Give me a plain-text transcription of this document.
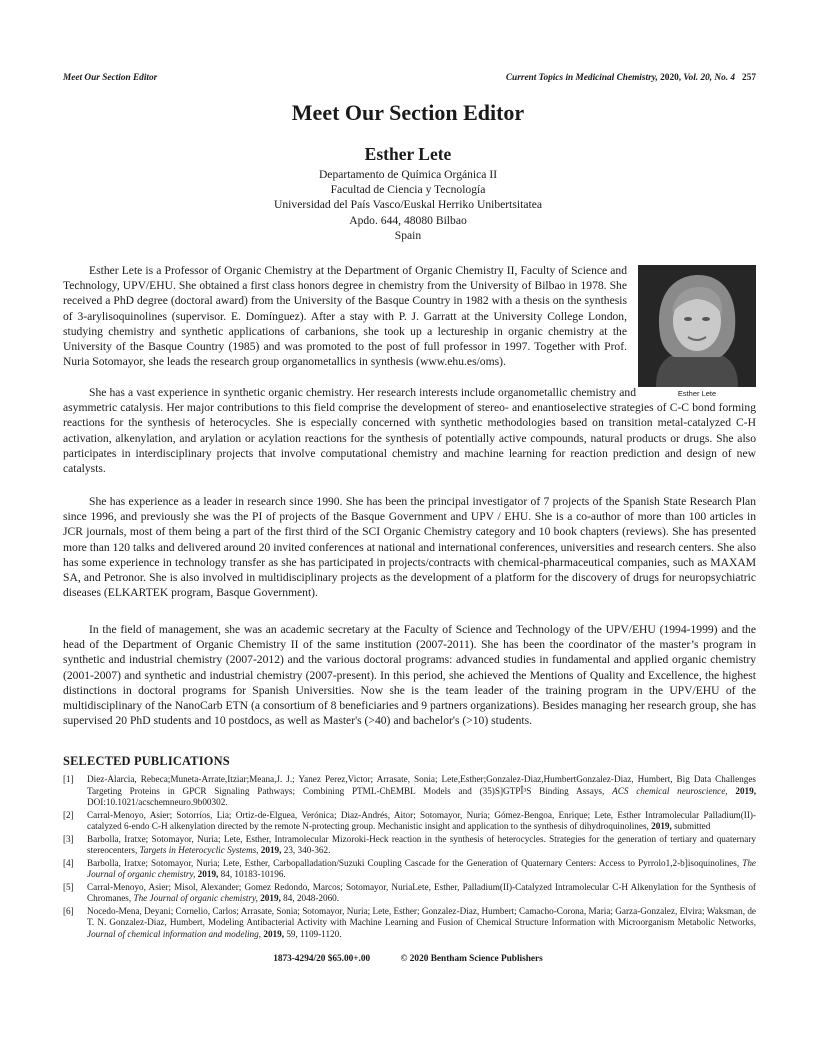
Meet Our Section Editor	Current Topics in Medicinal Chemistry, 2020, Vol. 20, No. 4 257
Meet Our Section Editor
Esther Lete
Departamento de Química Orgánica II
Facultad de Ciencia y Tecnología
Universidad del País Vasco/Euskal Herriko Unibertsitatea
Apdo. 644, 48080 Bilbao
Spain
Esther Lete

Esther Lete is a Professor of Organic Chemistry at the Department of Organic Chemistry II, Faculty of Science and Technology, UPV/EHU. She obtained a first class honors degree in chemistry from the University of Bilbao in 1978. She received a PhD degree (doctoral award) from the University of the Basque Country in 1982 with a thesis on the synthesis of 3-arylisoquinolines (supervisor. E. Domínguez). After a stay with P. J. Garratt at the University College London, studying chemistry and synthetic applications of carbanions, she took up a lectureship in organic chemistry at the University of the Basque Country (1985) and was promoted to the post of full professor in 1997. Together with Prof. Nuria Sotomayor, she leads the research group organometallics in synthesis (www.ehu.es/oms).

She has a vast experience in synthetic organic chemistry. Her research interests include organometallic chemistry and asymmetric catalysis. Her major contributions to this field comprise the development of stereo- and enantioselective strategies of C-C bond forming reactions for the synthesis of heterocycles. She is especially concerned with synthetic methodologies based on transition metal-catalyzed C-H activation, alkenylation, and arylation or acylation reactions for the synthesis of potentially active compounds, natural products or drugs. She also participates in interdisciplinary projects that involve computational chemistry and machine learning for reaction prediction and design of new catalysts.

She has experience as a leader in research since 1990. She has been the principal investigator of 7 projects of the Spanish State Research Plan since 1996, and previously she was the PI of projects of the Basque Government and UPV / EHU. She is a co-author of more than 100 articles in JCR journals, most of them being a part of the first third of the SCI Organic Chemistry category and 10 book chapters (reviews). She has presented more than 120 talks and delivered around 20 invited conferences at national and international conferences, universities and research centers. She also has some experience in technology transfer as she has participated in projects/contracts with chemical-pharmaceutical companies, such as MAXAM SA, and Petronor. She is also involved in multidisciplinary projects as the development of a platform for the discovery of drugs for neuropsychiatric diseases (ELKARTEK program, Basque Government).

In the field of management, she was an academic secretary at the Faculty of Science and Technology of the UPV/EHU (1994-1999) and the head of the Department of Organic Chemistry II of the same institution (2007-2011). She has been the coordinator of the master’s program in synthetic and industrial chemistry (2007-2012) and the various doctoral programs: advanced studies in fundamental and applied organic chemistry (2001-2007) and synthetic and industrial chemistry (2007-present). In this period, she achieved the Mentions of Quality and Excellence, the highest distinctions in doctoral programs for Spanish Universities. Now she is the team leader of the training program in the UPV/EHU of the multidisciplinary of the NanoCarb ETN (a consortium of 8 beneficiaries and 9 partners organizations). Besides managing her research group, she has supervised 20 PhD students and 10 postdocs, as well as Master's (>40) and bachelor's (>10) students.

SELECTED PUBLICATIONS
[1] Diez-Alarcia, Rebeca;Muneta-Arrate,Itziar;Meana,J. J.; Yanez Perez,Victor; Arrasate, Sonia; Lete,Esther;Gonzalez-Diaz,HumbertGonzalez-Diaz, Humbert, Big Data Challenges Targeting Proteins in GPCR Signaling Pathways; Combining PTML-ChEMBL Models and (35)S]GTPÎ³S Binding Assays, ACS chemical neuroscience, 2019, DOI:10.1021/acschemneuro.9b00302.
[2] Carral-Menoyo, Asier; Sotorríos, Lia; Ortiz-de-Elguea, Verónica; Diaz-Andrés, Aitor; Sotomayor, Nuria; Gómez-Bengoa, Enrique; Lete, Esther Intramolecular Palladium(II)-catalyzed 6-endo C-H alkenylation directed by the remote N-protecting group. Mechanistic insight and application to the synthesis of dihydroquinolines, 2019, submitted
[3] Barbolla, Iratxe; Sotomayor, Nuria; Lete, Esther, Intramolecular Mizoroki-Heck reaction in the synthesis of heterocycles. Strategies for the generation of tertiary and quaternary stereocenters, Targets in Heterocyclic Systems, 2019, 23, 340-362.
[4] Barbolla, Iratxe; Sotomayor, Nuria; Lete, Esther, Carbopalladation/Suzuki Coupling Cascade for the Generation of Quaternary Centers: Access to Pyrrolo1,2-b]isoquinolines, The Journal of organic chemistry, 2019, 84, 10183-10196.
[5] Carral-Menoyo, Asier; Misol, Alexander; Gomez Redondo, Marcos; Sotomayor, NuriaLete, Esther, Palladium(II)-Catalyzed Intramolecular C-H Alkenylation for the Synthesis of Chromanes, The Journal of organic chemistry, 2019, 84, 2048-2060.
[6] Nocedo-Mena, Deyani; Cornelio, Carlos; Arrasate, Sonia; Sotomayor, Nuria; Lete, Esther; Gonzalez-Diaz, Humbert; Camacho-Corona, Maria; Garza-Gonzalez, Elvira; Waksman, de T. N. Gonzalez-Diaz, Humbert, Modeling Antibacterial Activity with Machine Learning and Fusion of Chemical Structure Information with Microorganism Metabolic Networks, Journal of chemical information and modeling, 2019, 59, 1109-1120.
1873-4294/20 $65.00+.00	© 2020 Bentham Science Publishers
